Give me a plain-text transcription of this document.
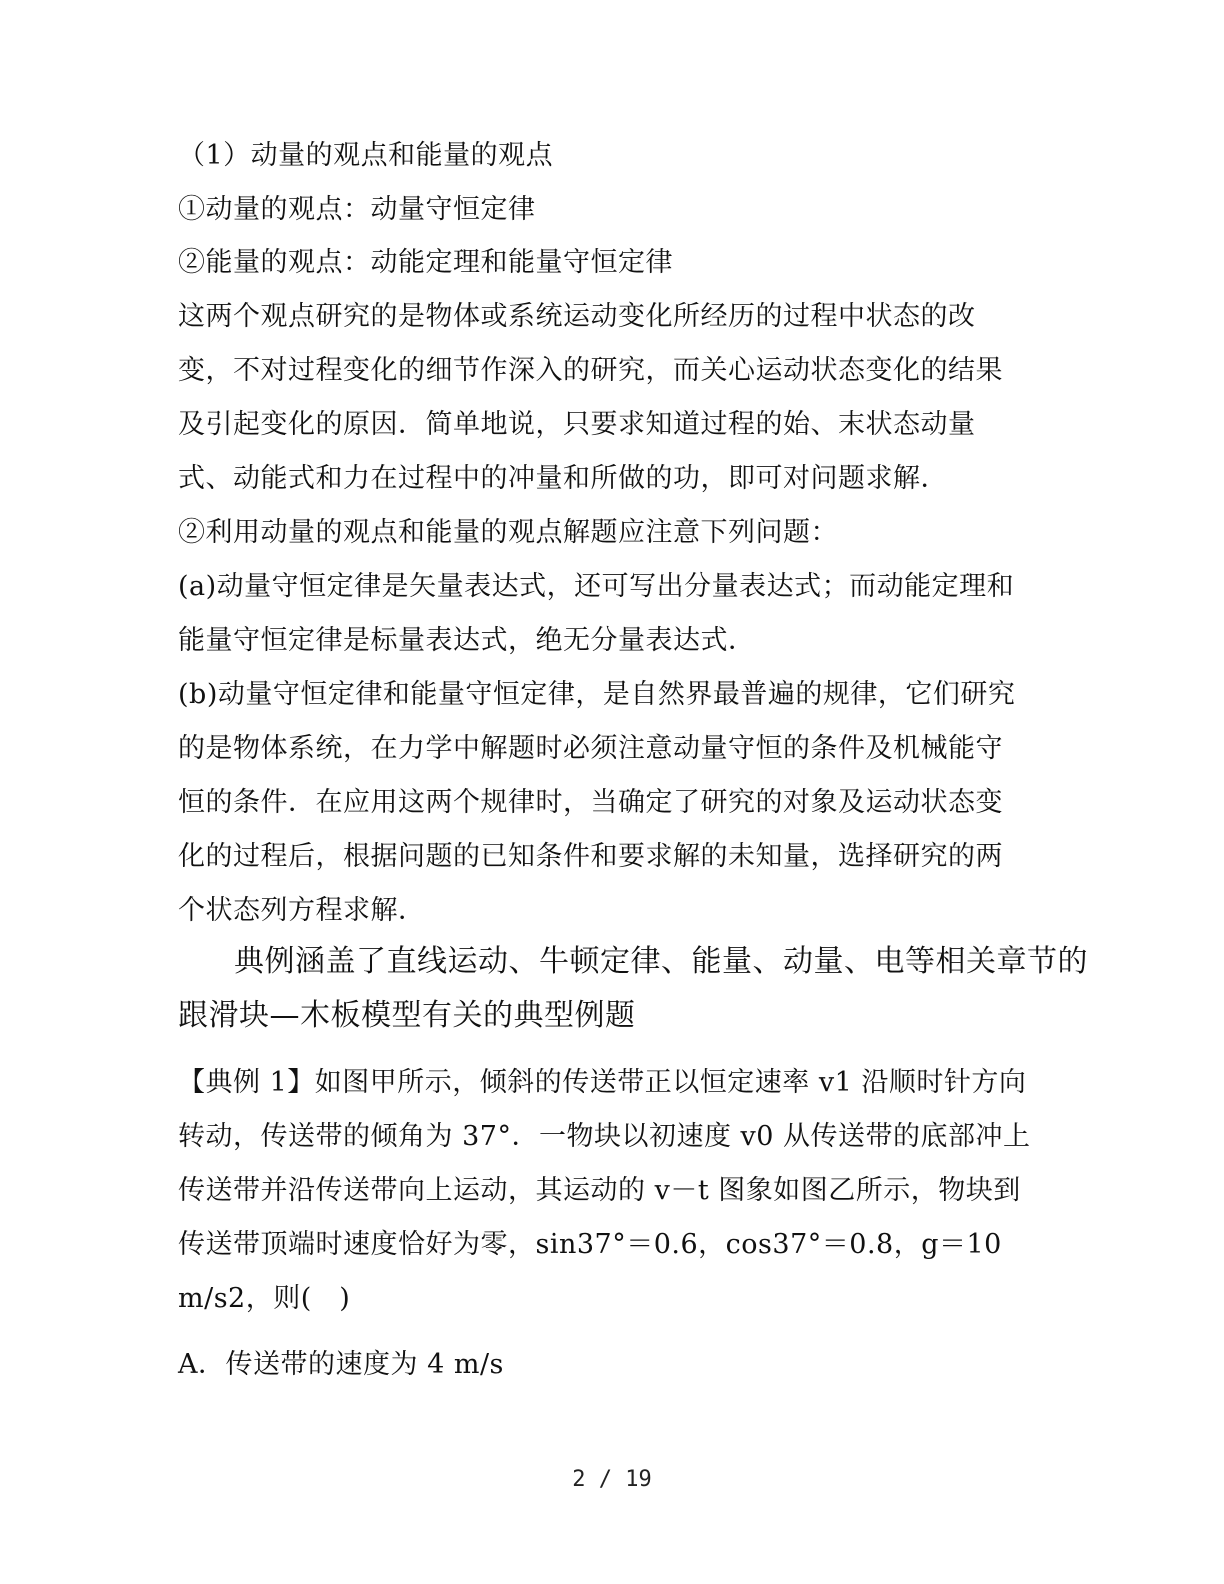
（1）动量的观点和能量的观点
①动量的观点：动量守恒定律
②能量的观点：动能定理和能量守恒定律
这两个观点研究的是物体或系统运动变化所经历的过程中状态的改
变，不对过程变化的细节作深入的研究，而关心运动状态变化的结果
及引起变化的原因．简单地说，只要求知道过程的始、末状态动量
式、动能式和力在过程中的冲量和所做的功，即可对问题求解．
②利用动量的观点和能量的观点解题应注意下列问题：
(a)动量守恒定律是矢量表达式，还可写出分量表达式；而动能定理和
能量守恒定律是标量表达式，绝无分量表达式．
(b)动量守恒定律和能量守恒定律，是自然界最普遍的规律，它们研究
的是物体系统，在力学中解题时必须注意动量守恒的条件及机械能守
恒的条件．在应用这两个规律时，当确定了研究的对象及运动状态变
化的过程后，根据问题的已知条件和要求解的未知量，选择研究的两
个状态列方程求解．
典例涵盖了直线运动、牛顿定律、能量、动量、电等相关章节的
跟滑块—木板模型有关的典型例题
【典例 1】如图甲所示，倾斜的传送带正以恒定速率 v1 沿顺时针方向
转动，传送带的倾角为 37°．一物块以初速度 v0 从传送带的底部冲上
传送带并沿传送带向上运动，其运动的 v－t 图象如图乙所示，物块到
传送带顶端时速度恰好为零，sin37°＝0.6，cos37°＝0.8，g＝10
m/s2，则(　)
A．传送带的速度为 4 m/s
2 / 19
